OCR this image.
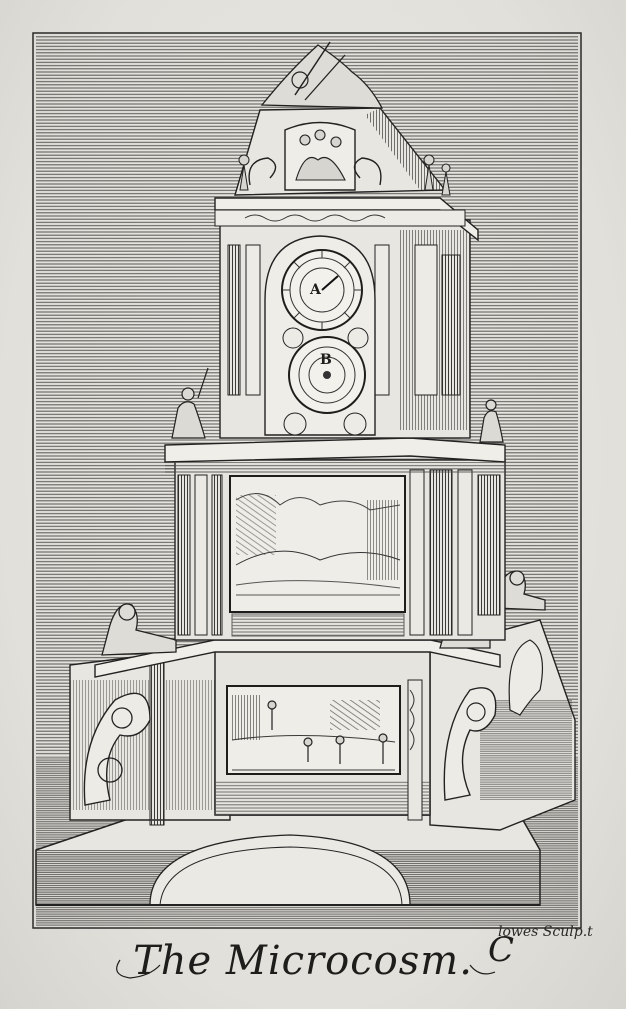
A
B
The Microcosm. C
lowes Sculp.t
